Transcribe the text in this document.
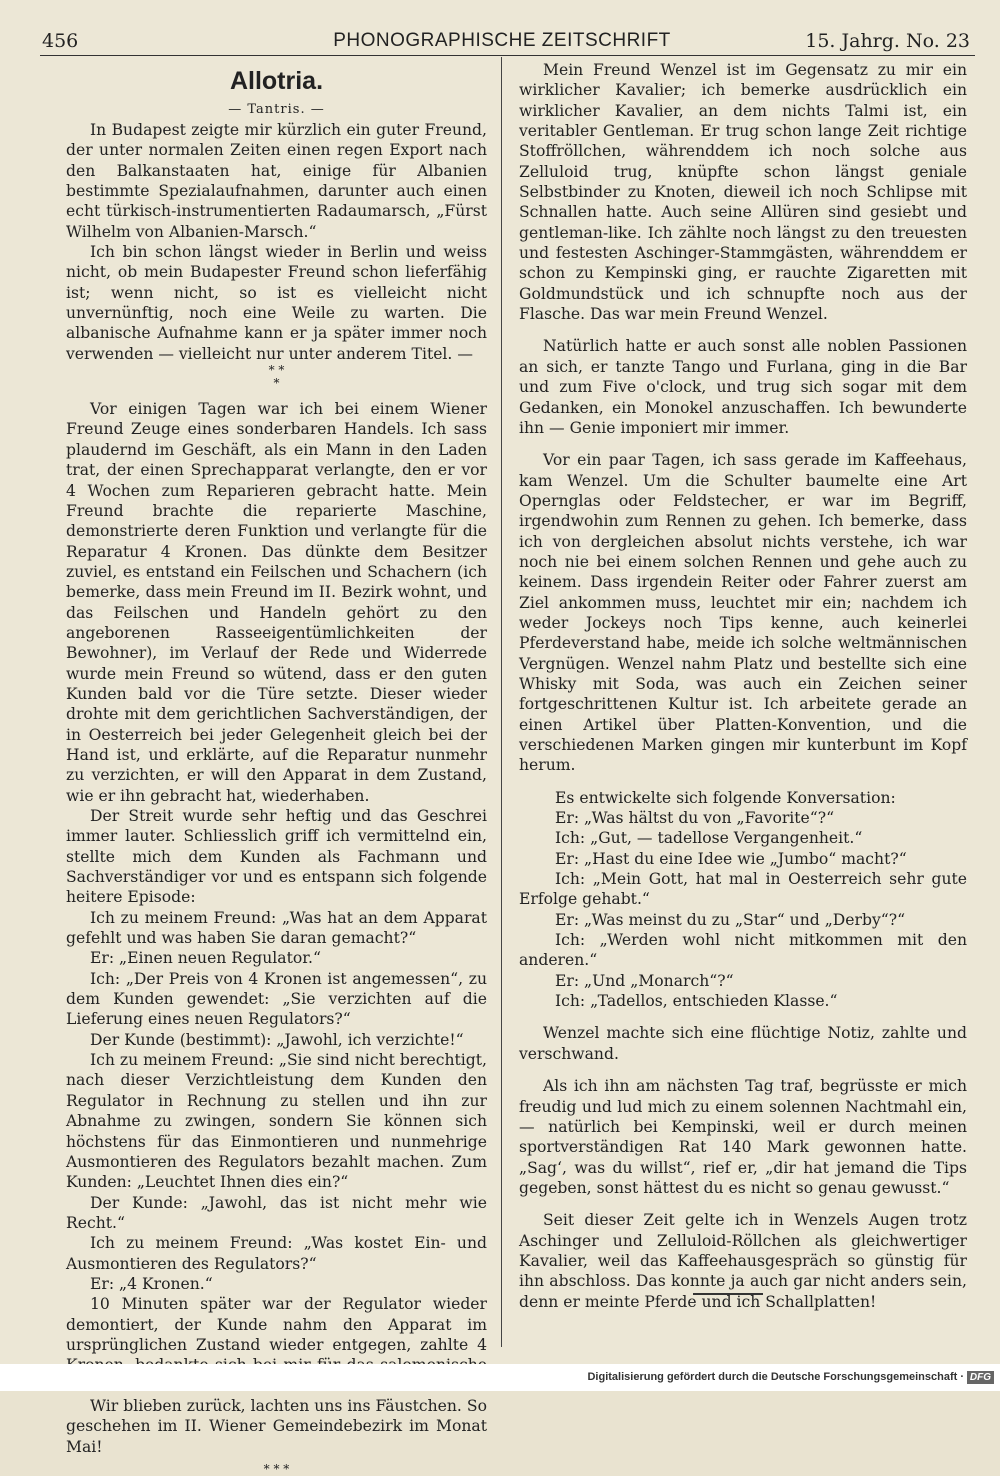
456	PHONOGRAPHISCHE ZEITSCHRIFT	15. Jahrg. No. 23
Allotria.
— Tantris. —

In Budapest zeigte mir kürzlich ein guter Freund, der unter normalen Zeiten einen regen Export nach den Balkanstaaten hat, einige für Albanien bestimmte Spezialaufnahmen, darunter auch einen echt türkisch-instrumentierten Radaumarsch, „Fürst Wilhelm von Albanien-Marsch.“

Ich bin schon längst wieder in Berlin und weiss nicht, ob mein Budapester Freund schon lieferfähig ist; wenn nicht, so ist es vielleicht nicht unvernünftig, noch eine Weile zu warten. Die albanische Aufnahme kann er ja später immer noch verwenden — vielleicht nur unter anderem Titel. —

* *
*

Vor einigen Tagen war ich bei einem Wiener Freund Zeuge eines sonderbaren Handels. Ich sass plaudernd im Geschäft, als ein Mann in den Laden trat, der einen Sprechapparat verlangte, den er vor 4 Wochen zum Reparieren gebracht hatte. Mein Freund brachte die reparierte Maschine, demonstrierte deren Funktion und verlangte für die Reparatur 4 Kronen. Das dünkte dem Besitzer zuviel, es entstand ein Feilschen und Schachern (ich bemerke, dass mein Freund im II. Bezirk wohnt, und das Feilschen und Handeln gehört zu den angeborenen Rasseeigentümlichkeiten der Bewohner), im Verlauf der Rede und Widerrede wurde mein Freund so wütend, dass er den guten Kunden bald vor die Türe setzte. Dieser wieder drohte mit dem gerichtlichen Sachverständigen, der in Oesterreich bei jeder Gelegenheit gleich bei der Hand ist, und erklärte, auf die Reparatur nunmehr zu verzichten, er will den Apparat in dem Zustand, wie er ihn gebracht hat, wiederhaben.

Der Streit wurde sehr heftig und das Geschrei immer lauter. Schliesslich griff ich vermittelnd ein, stellte mich dem Kunden als Fachmann und Sachverständiger vor und es entspann sich folgende heitere Episode:

Ich zu meinem Freund: „Was hat an dem Apparat gefehlt und was haben Sie daran gemacht?“

Er: „Einen neuen Regulator.“

Ich: „Der Preis von 4 Kronen ist angemessen“, zu dem Kunden gewendet: „Sie verzichten auf die Lieferung eines neuen Regulators?“

Der Kunde (bestimmt): „Jawohl, ich verzichte!“

Ich zu meinem Freund: „Sie sind nicht berechtigt, nach dieser Verzichtleistung dem Kunden den Regulator in Rechnung zu stellen und ihn zur Abnahme zu zwingen, sondern Sie können sich höchstens für das Einmontieren und nunmehrige Ausmontieren des Regulators bezahlt machen. Zum Kunden: „Leuchtet Ihnen dies ein?“

Der Kunde: „Jawohl, das ist nicht mehr wie Recht.“

Ich zu meinem Freund: „Was kostet Ein- und Ausmontieren des Regulators?“

Er: „4 Kronen.“

10 Minuten später war der Regulator wieder demontiert, der Kunde nahm den Apparat im ursprünglichen Zustand wieder entgegen, zahlte 4

Wir blieben zurück, lachten uns ins Fäustchen. So geschehen im II. Wiener Gemeindebezirk im Monat Mai!

* * *

Mein Freund Wenzel ist im Gegensatz zu mir ein wirklicher Kavalier; ich bemerke ausdrücklich ein wirklicher Kavalier, an dem nichts Talmi ist, ein veritabler Gentleman. Er trug schon lange Zeit richtige Stoffröllchen, währenddem ich noch solche aus Zelluloid trug, knüpfte schon längst geniale Selbstbinder zu Knoten, dieweil ich noch Schlipse mit Schnallen hatte. Auch seine Allüren sind gesiebt und gentleman-like. Ich zählte noch längst zu den treuesten und festesten Aschinger-Stammgästen, währenddem er schon zu Kempinski ging, er rauchte Zigaretten mit Goldmundstück und ich schnupfte noch aus der Flasche. Das war mein Freund Wenzel.

Natürlich hatte er auch sonst alle noblen Passionen an sich, er tanzte Tango und Furlana, ging in die Bar und zum Five o'clock, und trug sich sogar mit dem Gedanken, ein Monokel anzuschaffen. Ich bewunderte ihn — Genie imponiert mir immer.

Vor ein paar Tagen, ich sass gerade im Kaffeehaus, kam Wenzel. Um die Schulter baumelte eine Art Opernglas oder Feldstecher, er war im Begriff, irgendwohin zum Rennen zu gehen. Ich bemerke, dass ich von dergleichen absolut nichts verstehe, ich war noch nie bei einem solchen Rennen und gehe auch zu keinem. Dass irgendein Reiter oder Fahrer zuerst am Ziel ankommen muss, leuchtet mir ein; nachdem ich weder Jockeys noch Tips kenne, auch keinerlei Pferdeverstand habe, meide ich solche weltmännischen Vergnügen. Wenzel nahm Platz und bestellte sich eine Whisky mit Soda, was auch ein Zeichen seiner fortgeschrittenen Kultur ist. Ich arbeitete gerade an einen Artikel über Platten-Konvention, und die verschiedenen Marken gingen mir kunterbunt im Kopf herum.

Es entwickelte sich folgende Konversation:

Er: „Was hältst du von „Favorite“?“

Ich: „Gut, — tadellose Vergangenheit.“

Er: „Hast du eine Idee wie „Jumbo“ macht?“

Ich: „Mein Gott, hat mal in Oesterreich sehr gute Erfolge gehabt.“

Er: „Was meinst du zu „Star“ und „Derby“?“

Ich: „Werden wohl nicht mitkommen mit den anderen.“

Er: „Und „Monarch“?“

Ich: „Tadellos, entschieden Klasse.“

Wenzel machte sich eine flüchtige Notiz, zahlte und verschwand.

Als ich ihn am nächsten Tag traf, begrüsste er mich freudig und lud mich zu einem solennen Nachtmahl ein, — natürlich bei Kempinski, weil er durch meinen sportverständigen Rat 140 Mark gewonnen hatte. „Sag‘, was du willst“, rief er, „dir hat jemand die Tips gegeben, sonst hättest du es nicht so genau gewusst.“

Seit dieser Zeit gelte ich in Wenzels Augen trotz Aschinger und Zelluloid-Röllchen als gleichwertiger Kavalier, weil das Kaffeehausgespräch so günstig für ihn abschloss. Das konnte ja auch gar nicht anders sein, denn er meinte Pferde und ich Schallplatten!

Digitalisierung gefördert durch die Deutsche Forschungsgemeinschaft · DFG
